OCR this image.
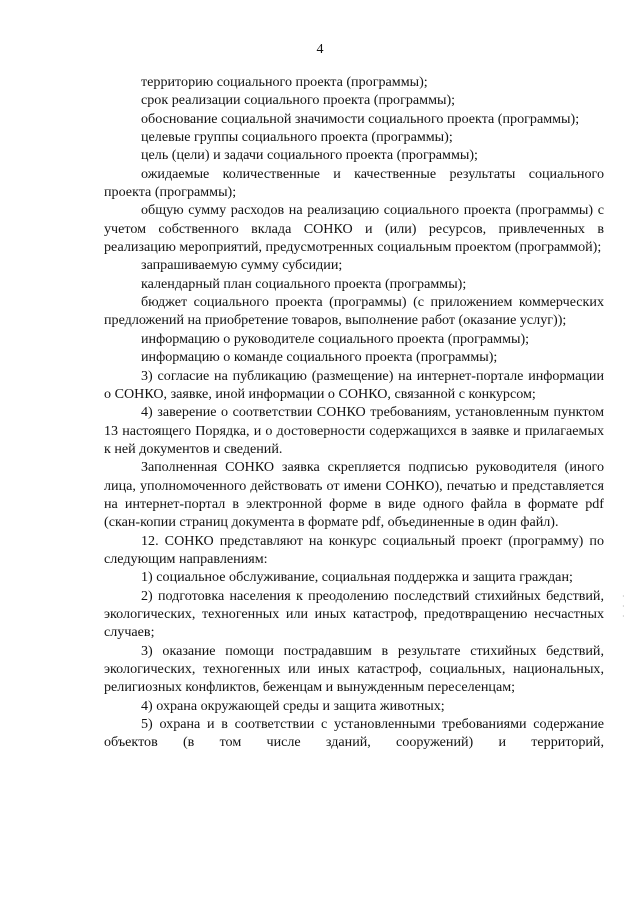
4

территорию социального проекта (программы);

срок реализации социального проекта (программы);

обоснование социальной значимости социального проекта (программы);

целевые группы социального проекта (программы);

цель (цели) и задачи социального проекта (программы);

ожидаемые количественные и качественные результаты социального проекта (программы);

общую сумму расходов на реализацию социального проекта (программы) с учетом собственного вклада СОНКО и (или) ресурсов, привлеченных в реализацию мероприятий, предусмотренных социальным проектом (программой);

запрашиваемую сумму субсидии;

календарный план социального проекта (программы);

бюджет социального проекта (программы) (с приложением коммерческих предложений на приобретение товаров, выполнение работ (оказание услуг));

информацию о руководителе социального проекта (программы);

информацию о команде социального проекта (программы);

3) согласие на публикацию (размещение) на интернет-портале информации о СОНКО, заявке, иной информации о СОНКО, связанной с конкурсом;

4) заверение о соответствии СОНКО требованиям, установленным пунктом 13 настоящего Порядка, и о достоверности содержащихся в заявке и прилагаемых к ней документов и сведений.

Заполненная СОНКО заявка скрепляется подписью руководителя (иного лица, уполномоченного действовать от имени СОНКО), печатью и представляется на интернет-портал в электронной форме в виде одного файла в формате pdf (скан-копии страниц документа в формате pdf, объединенные в один файл).

12. СОНКО представляют на конкурс социальный проект (программу) по следующим направлениям:

1) социальное обслуживание, социальная поддержка и защита граждан;

2) подготовка населения к преодолению последствий стихийных бедствий, экологических, техногенных или иных катастроф, предотвращению несчастных случаев;

3) оказание помощи пострадавшим в результате стихийных бедствий, экологических, техногенных или иных катастроф, социальных, национальных, религиозных конфликтов, беженцам и вынужденным переселенцам;

4) охрана окружающей среды и защита животных;

5) охрана и в соответствии с установленными требованиями содержание объектов (в том числе зданий, сооружений) и территорий,

·
·
·
